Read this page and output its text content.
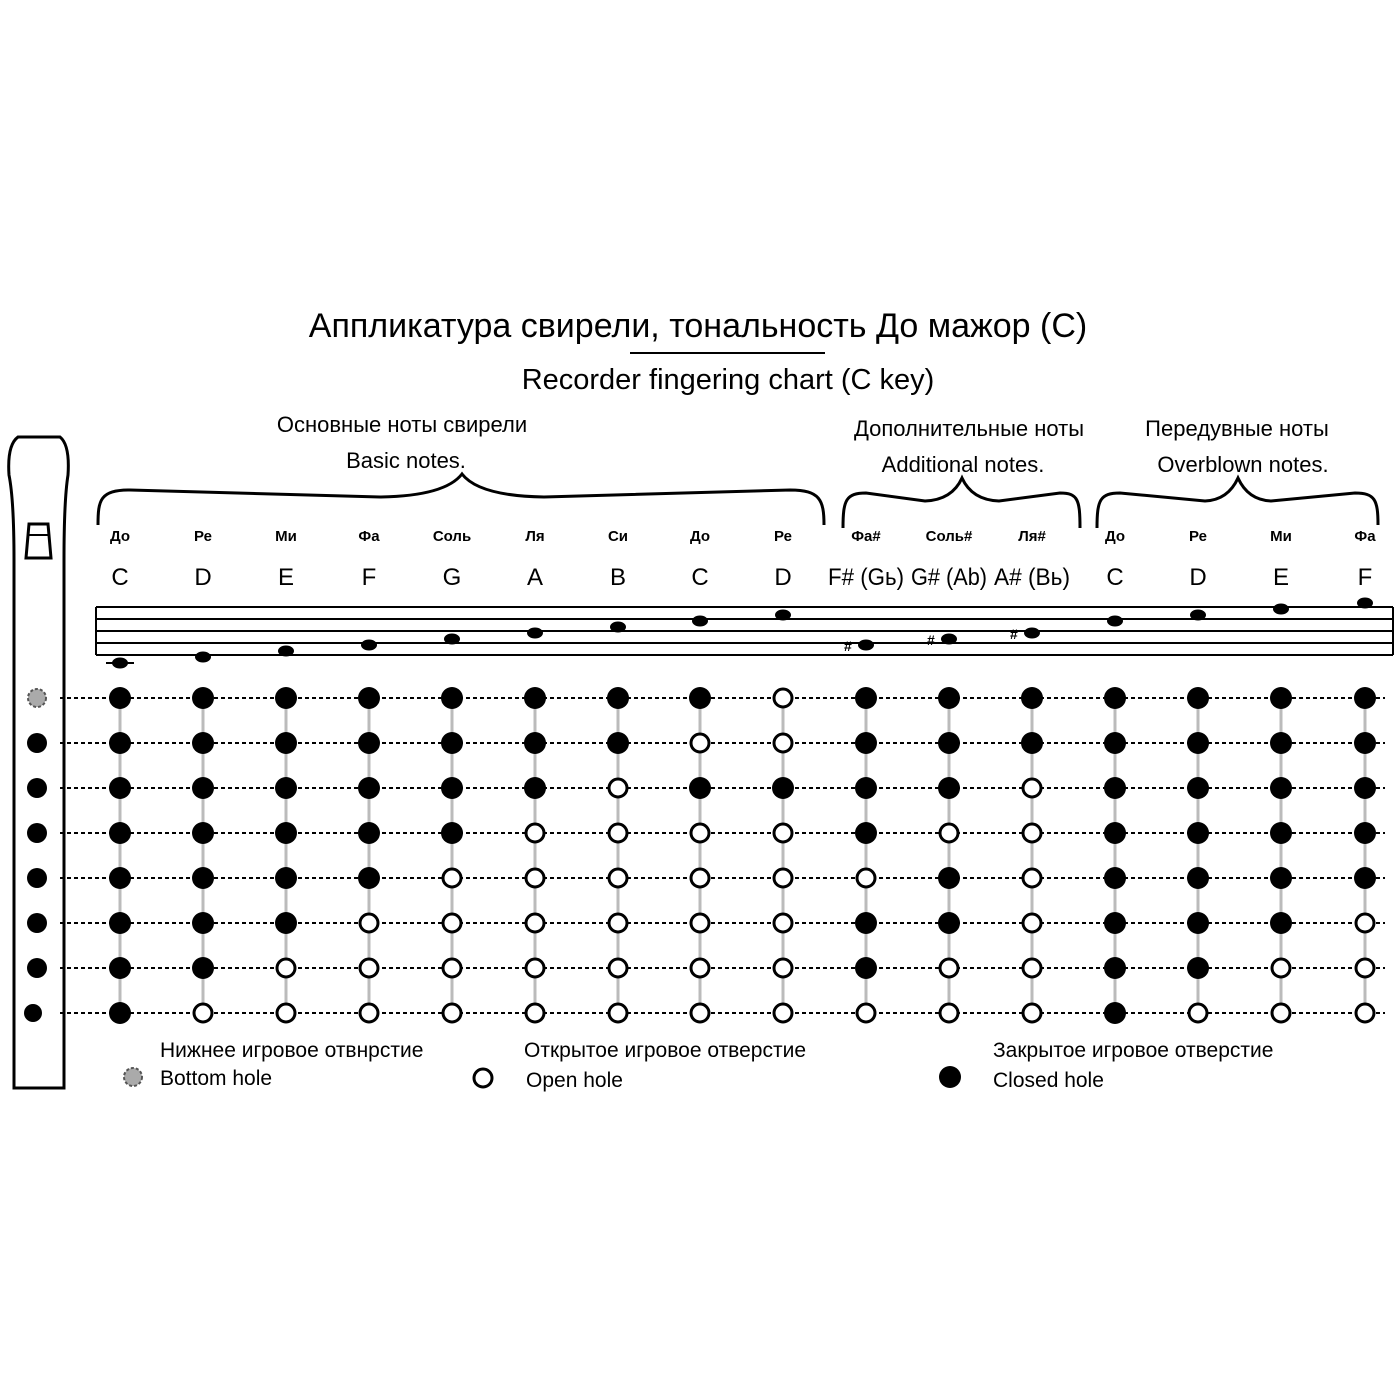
Аппликатура свирели, тональность До мажор (С)
Recorder fingering chart (C key)
Основные ноты свирели
Basic notes.
Дополнительные ноты
Additional notes.
Передувные ноты
Overblown notes.
До
C
Ре
D
Ми
E
Фа
F
Соль
G
Ля
A
Си
B
До
C
Ре
D
Фа#
F# (Gь)
#
Соль#
G# (Ab)
#
Ля#
A# (Bь)
#
До
C
Ре
D
Ми
E
Фа
F
Нижнее игровое отвнрстие
Bottom hole
Открытое игровое отверстие
Open hole
Закрытое игровое отверстие
Closed hole
